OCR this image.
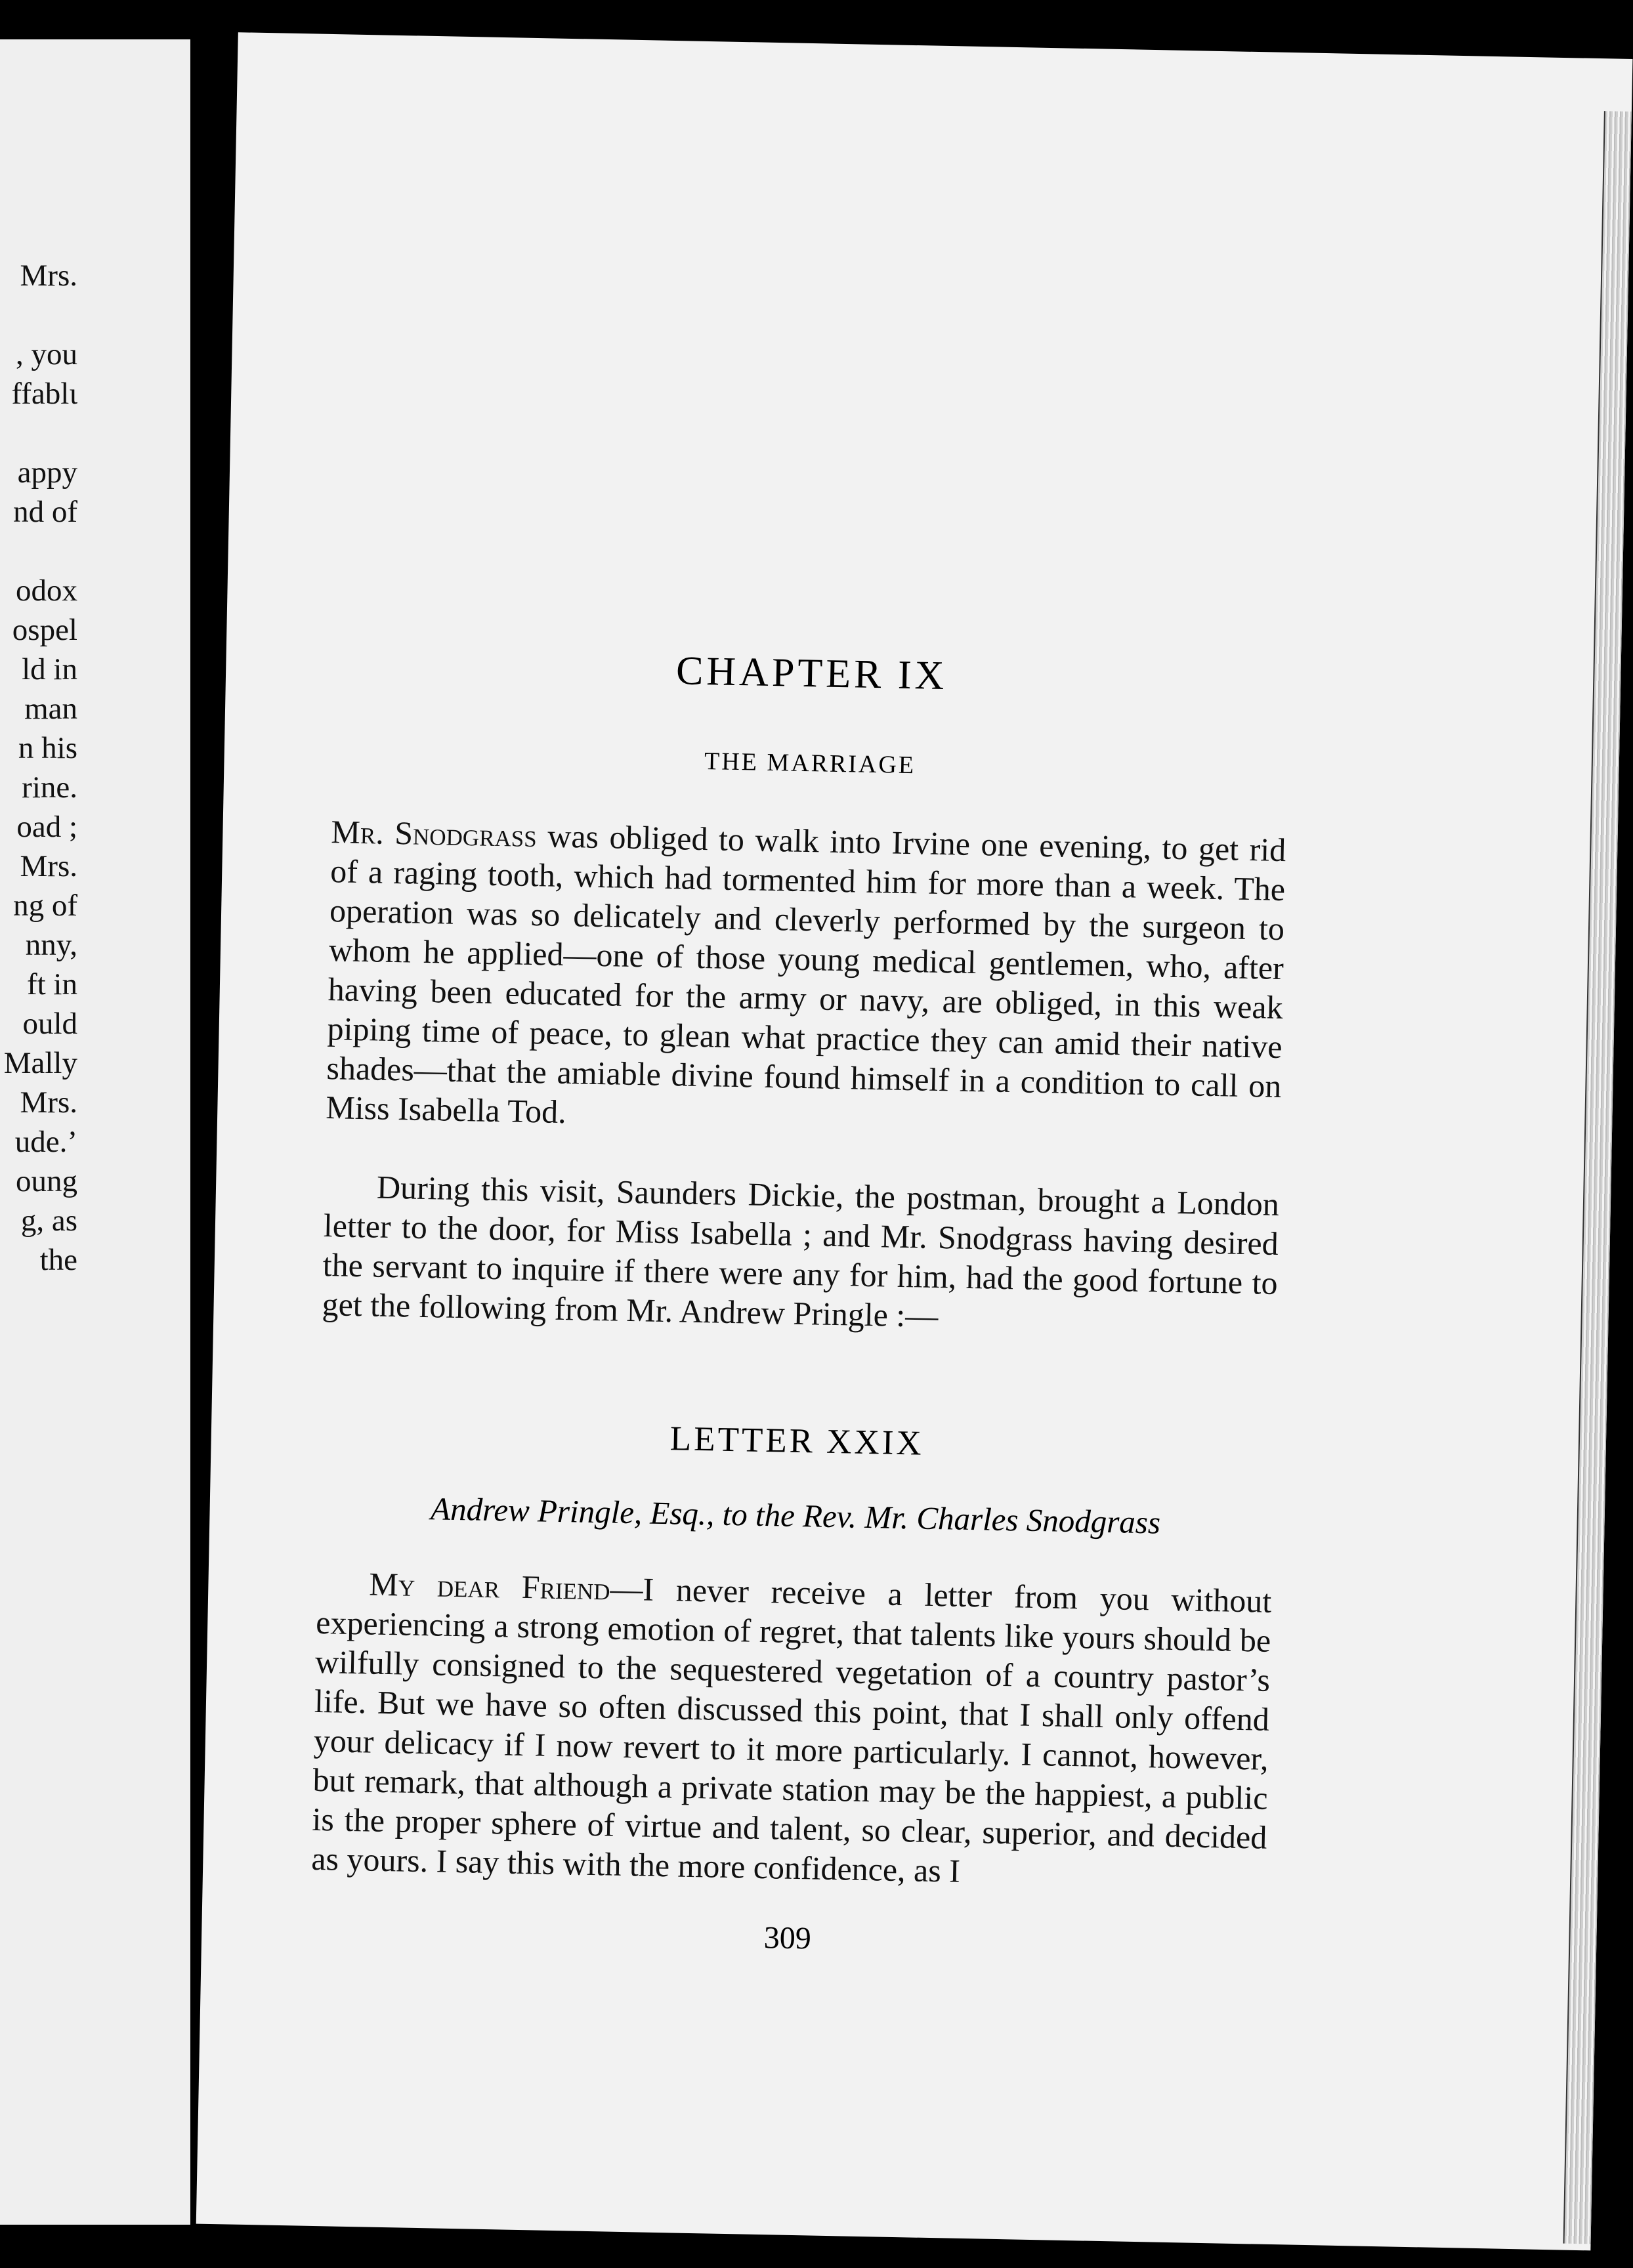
Mrs.
, you
ffablɩ
appy
nd of
odox
ospel
ld in
man
n his
rine.
oad ;
Mrs.
ng of
nny,
ft in
ould
Mally
Mrs.
ude.’
oung
g, as
the
CHAPTER IX
THE MARRIAGE

Mr. Snodgrass was obliged to walk into Irvine one evening, to get rid of a raging tooth, which had tormented him for more than a week. The operation was so delicately and cleverly performed by the surgeon to whom he applied—one of those young medical gentlemen, who, after having been educated for the army or navy, are obliged, in this weak piping time of peace, to glean what practice they can amid their native shades—that the amiable divine found himself in a condition to call on Miss Isabella Tod.

During this visit, Saunders Dickie, the postman, brought a London letter to the door, for Miss Isabella ; and Mr. Snodgrass having desired the servant to inquire if there were any for him, had the good fortune to get the following from Mr. Andrew Pringle :—

LETTER XXIX
Andrew Pringle, Esq., to the Rev. Mr. Charles Snodgrass

My dear Friend—I never receive a letter from you without experiencing a strong emotion of regret, that talents like yours should be wilfully consigned to the sequestered vegetation of a country pastor’s life. But we have so often discussed this point, that I shall only offend your delicacy if I now revert to it more particularly. I cannot, however, but remark, that although a private station may be the happiest, a public is the proper sphere of virtue and talent, so clear, superior, and decided as yours. I say this with the more confidence, as I

309
